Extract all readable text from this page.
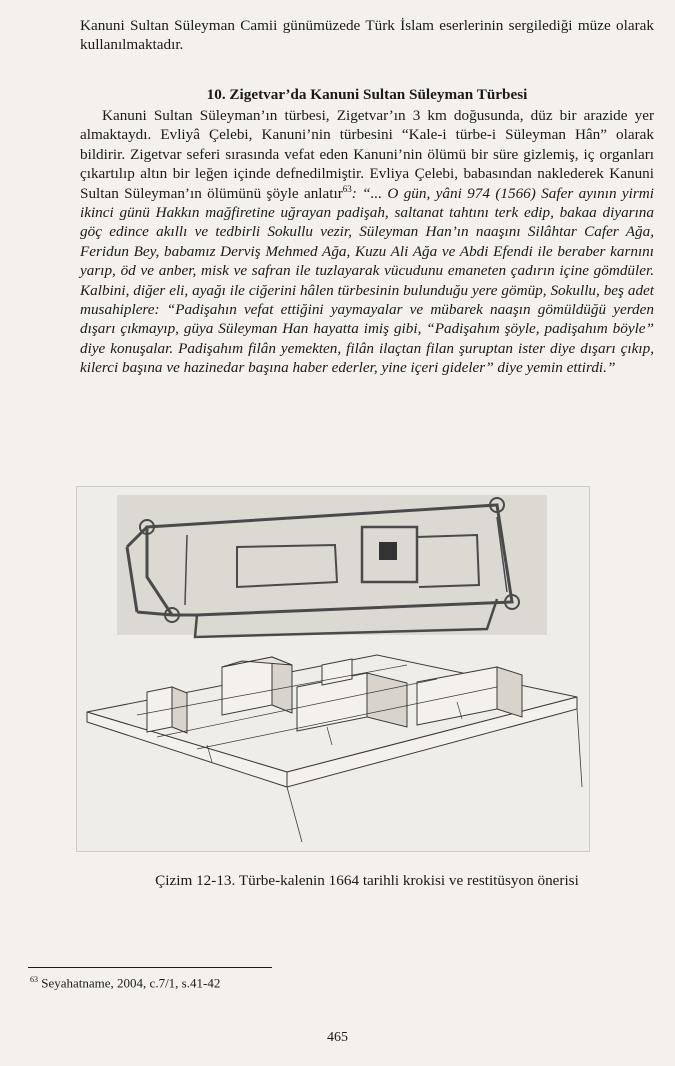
Kanuni Sultan Süleyman Camii günümüzede Türk İslam eserlerinin sergilediği müze olarak kullanılmaktadır.
10. Zigetvar’da Kanuni Sultan Süleyman Türbesi
Kanuni Sultan Süleyman’ın türbesi, Zigetvar’ın 3 km doğusunda, düz bir arazide yer almaktaydı. Evliyâ Çelebi, Kanuni’nin türbesini “Kale-i türbe-i Süleyman Hân” olarak bildirir. Zigetvar seferi sırasında vefat eden Kanuni’nin ölümü bir süre gizlemiş, iç organları çıkartılıp altın bir leğen içinde defnedilmiştir. Evliya Çelebi, babasından naklederek Kanuni Sultan Süleyman’ın ölümünü şöyle anlatır$^{63}$: “... O gün, yâni 974 (1566) Safer ayının yirmi ikinci günü Hakkın mağfiretine uğrayan padişah, saltanat tahtını terk edip, bakaa diyarına göç edince akıllı ve tedbirli Sokullu vezir, Süleyman Han’ın naaşını Silâhtar Cafer Ağa, Feridun Bey, babamız Derviş Mehmed Ağa, Kuzu Ali Ağa ve Abdi Efendi ile beraber karnını yarıp, öd ve anber, misk ve safran ile tuzlayarak vücudunu emaneten çadırın içine gömdüler. Kalbini, diğer eli, ayağı ile ciğerini hâlen türbesinin bulunduğu yere gömüp, Sokullu, beş adet musahiplere: “Padişahın vefat ettiğini yaymayalar ve mübarek naaşın gömüldüğü yerden dışarı çıkmayıp, güya Süleyman Han hayatta imiş gibi, “Padişahım şöyle, padişahım böyle” diye konuşalar. Padişahım filân yemekten, filân ilaçtan filan şuruptan ister diye dışarı çıkıp, kilerci başına ve hazinedar başına haber ederler, yine içeri gideler” diye yemin ettirdi.”
Çizim 12-13. Türbe-kalenin 1664 tarihli krokisi ve restitüsyon önerisi
$^{63}$ Seyahatname, 2004, c.7/1, s.41-42
465
